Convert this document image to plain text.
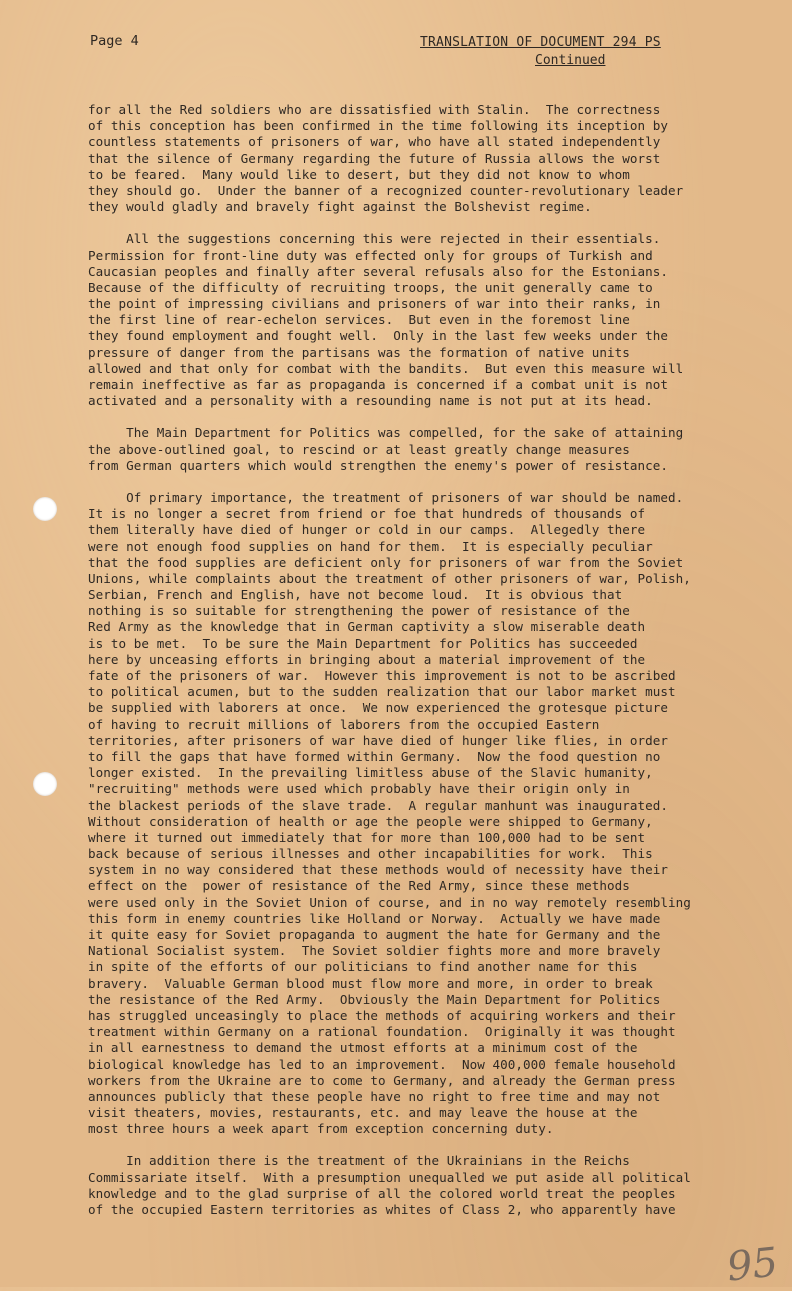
Page 4	TRANSLATION OF DOCUMENT 294 PS
Continued
for all the Red soldiers who are dissatisfied with Stalin.  The correctness
of this conception has been confirmed in the time following its inception by
countless statements of prisoners of war, who have all stated independently
that the silence of Germany regarding the future of Russia allows the worst
to be feared.  Many would like to desert, but they did not know to whom
they should go.  Under the banner of a recognized counter-revolutionary leader
they would gladly and bravely fight against the Bolshevist regime.
All the suggestions concerning this were rejected in their essentials.
Permission for front-line duty was effected only for groups of Turkish and
Caucasian peoples and finally after several refusals also for the Estonians.
Because of the difficulty of recruiting troops, the unit generally came to
the point of impressing civilians and prisoners of war into their ranks, in
the first line of rear-echelon services.  But even in the foremost line
they found employment and fought well.  Only in the last few weeks under the
pressure of danger from the partisans was the formation of native units
allowed and that only for combat with the bandits.  But even this measure will
remain ineffective as far as propaganda is concerned if a combat unit is not
activated and a personality with a resounding name is not put at its head.
The Main Department for Politics was compelled, for the sake of attaining
the above-outlined goal, to rescind or at least greatly change measures
from German quarters which would strengthen the enemy's power of resistance.
Of primary importance, the treatment of prisoners of war should be named.
It is no longer a secret from friend or foe that hundreds of thousands of
them literally have died of hunger or cold in our camps.  Allegedly there
were not enough food supplies on hand for them.  It is especially peculiar
that the food supplies are deficient only for prisoners of war from the Soviet
Unions, while complaints about the treatment of other prisoners of war, Polish,
Serbian, French and English, have not become loud.  It is obvious that
nothing is so suitable for strengthening the power of resistance of the
Red Army as the knowledge that in German captivity a slow miserable death
is to be met.  To be sure the Main Department for Politics has succeeded
here by unceasing efforts in bringing about a material improvement of the
fate of the prisoners of war.  However this improvement is not to be ascribed
to political acumen, but to the sudden realization that our labor market must
be supplied with laborers at once.  We now experienced the grotesque picture
of having to recruit millions of laborers from the occupied Eastern
territories, after prisoners of war have died of hunger like flies, in order
to fill the gaps that have formed within Germany.  Now the food question no
longer existed.  In the prevailing limitless abuse of the Slavic humanity,
"recruiting" methods were used which probably have their origin only in
the blackest periods of the slave trade.  A regular manhunt was inaugurated.
Without consideration of health or age the people were shipped to Germany,
where it turned out immediately that for more than 100,000 had to be sent
back because of serious illnesses and other incapabilities for work.  This
system in no way considered that these methods would of necessity have their
effect on the  power of resistance of the Red Army, since these methods
were used only in the Soviet Union of course, and in no way remotely resembling
this form in enemy countries like Holland or Norway.  Actually we have made
it quite easy for Soviet propaganda to augment the hate for Germany and the
National Socialist system.  The Soviet soldier fights more and more bravely
in spite of the efforts of our politicians to find another name for this
bravery.  Valuable German blood must flow more and more, in order to break
the resistance of the Red Army.  Obviously the Main Department for Politics
has struggled unceasingly to place the methods of acquiring workers and their
treatment within Germany on a rational foundation.  Originally it was thought
in all earnestness to demand the utmost efforts at a minimum cost of the
biological knowledge has led to an improvement.  Now 400,000 female household
workers from the Ukraine are to come to Germany, and already the German press
announces publicly that these people have no right to free time and may not
visit theaters, movies, restaurants, etc. and may leave the house at the
most three hours a week apart from exception concerning duty.
In addition there is the treatment of the Ukrainians in the Reichs
Commissariate itself.  With a presumption unequalled we put aside all political
knowledge and to the glad surprise of all the colored world treat the peoples
of the occupied Eastern territories as whites of Class 2, who apparently have
95
